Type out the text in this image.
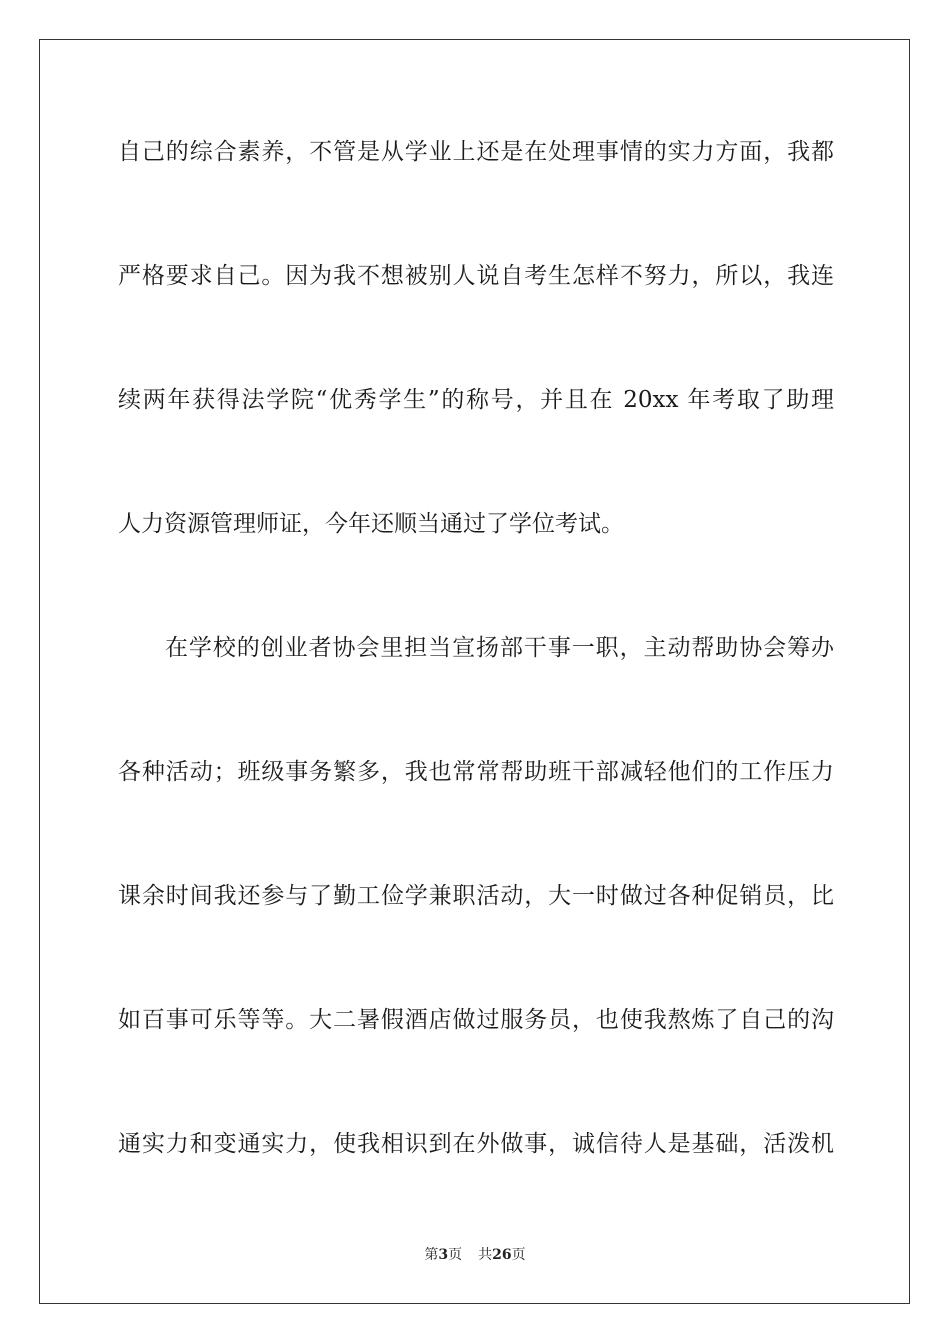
自己的综合素养，不管是从学业上还是在处理事情的实力方面，我都
严格要求自己。因为我不想被别人说自考生怎样不努力，所以，我连
续两年获得法学院“优秀学生”的称号，并且在 20xx 年考取了助理
人力资源管理师证，今年还顺当通过了学位考试。
在学校的创业者协会里担当宣扬部干事一职，主动帮助协会筹办
各种活动；班级事务繁多，我也常常帮助班干部减轻他们的工作压力
课余时间我还参与了勤工俭学兼职活动，大一时做过各种促销员，比
如百事可乐等等。大二暑假酒店做过服务员，也使我熬炼了自己的沟
通实力和变通实力，使我相识到在外做事，诚信待人是基础，活泼机
第3页 共26页
